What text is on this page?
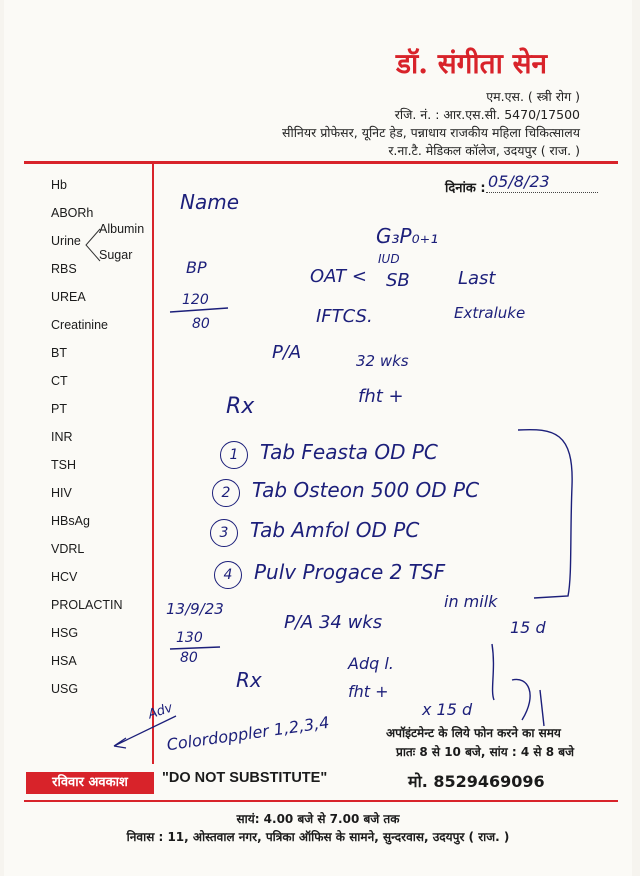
डॉ. संगीता सेन
एम.एस. ( स्त्री रोग )
रजि. नं. : आर.एस.सी. 5470/17500
सीनियर प्रोफेसर, यूनिट हेड, पन्नाधाय राजकीय महिला चिकित्सालय
र.ना.टै. मेडिकल कॉलेज, उदयपुर ( राज. )
दिनांक :
Hb
ABORh
Urine
Albumin
Sugar
RBS
UREA
Creatinine
BT
CT
PT
INR
TSH
HIV
HBsAg
VDRL
HCV
PROLACTIN
HSG
HSA
USG
05/8/23
Name
G₃P₀₊₁
BP
120
80
IUD
OAT < SB	Last
IFTCS.	Extraluke
P/A	32 wks
fht +
Rx
1 Tab Feasta OD PC
2 Tab Osteon 500 OD PC
3 Tab Amfol OD PC
4 Pulv Progace 2 TSF
in milk
13/9/23
130
80
P/A 34 wks	15 d
Rx
Adq l.
fht +
x 15 d
Adv
Colordoppler 1,2,3,4	अपॉइंटमेन्ट के लिये फोन करने का समय
प्रातः 8 से 10 बजे, सांय : 4 से 8 बजे
रविवार अवकाश	"DO NOT SUBSTITUTE"	मो. 8529469096
सायं: 4.00 बजे से 7.00 बजे तक
निवास : 11, ओस्तवाल नगर, पत्रिका ऑफिस के सामने, सुन्दरवास, उदयपुर ( राज. )
